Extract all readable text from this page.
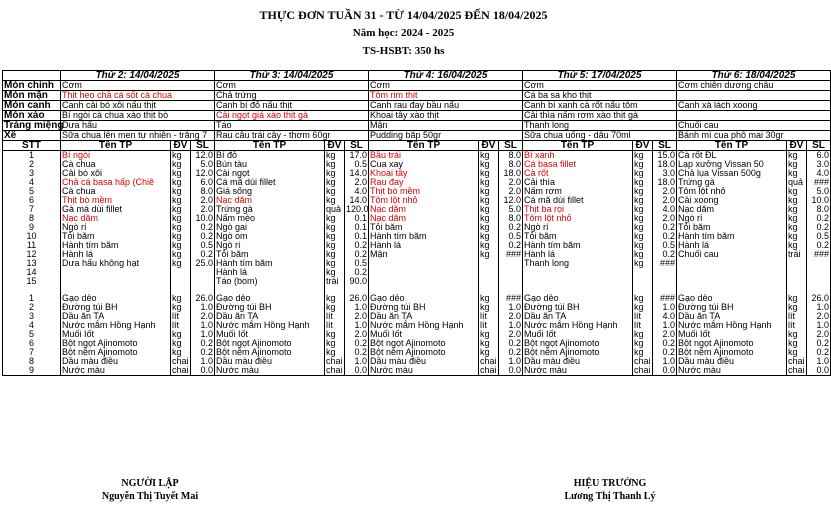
THỰC ĐƠN TUẦN 31 - TỪ 14/04/2025 ĐẾN 18/04/2025
Năm học: 2024 - 2025
TS-HSBT: 350 hs
	Thứ 2: 14/04/2025			Thứ 3: 14/04/2025			Thứ 4: 16/04/2025			Thứ 5: 17/04/2025			Thứ 6: 18/04/2025		
Món chính	Cơm			Cơm			Cơm			Cơm			Cơm chiên dương châu		
Món mặn	Thịt heo chả cá sốt cà chua			Chả trứng			Tôm rim thịt			Cá ba sa kho thịt					
Món canh	Canh cải bó xôi nấu thịt			Canh bí đỏ nấu thịt			Canh rau đay bầu nấu			Canh bí xanh cà rốt nấu tôm			Canh xà lách xoong		
Món xào	Bí ngòi cà chua xào thịt bò			Cải ngọt giá xào thịt gà			Khoai tây xào thịt			Cải thìa nấm rơm xào thịt gà					
Tráng miệng	Dưa hấu			Táo			Mận			Thanh long			Chuối cau		
Xế	Sữa chua lên men tự nhiên - trắng 7			Rau câu trái cây - thơm 60gr			Pudding bắp 50gr			Sữa chua uống - dâu 70ml			Bánh mì cua phô mai 30gr		
STT	Tên TP	ĐV	SL	Tên TP	ĐV	SL	Tên TP	ĐV	SL	Tên TP	ĐV	SL	Tên TP	ĐV	SL
1	Bí ngòi	kg	12.0	Bí đỏ	kg	17.0	Bầu trái	kg	8.0	Bí xanh	kg	15.0	Cà rốt ĐL	kg	6.0
2	Cà chua	kg	5.0	Bún tàu	kg	0.5	Cua xay	kg	8.0	Cá basa fillet	kg	18.0	Lạp xưởng Vissan 50	kg	3.0
3	Cải bó xôi	kg	12.0	Cải ngọt	kg	14.0	Khoai tây	kg	18.0	Cà rốt	kg	3.0	Chả lụa Vissan 500g	kg	4.0
4	Chả cá basa hấp (Chiê	kg	6.0	Cá mã dùi fillet	kg	2.0	Rau đay	kg	2.0	Cải thìa	kg	18.0	Trứng gà	quả	###
5	Cà chua	kg	8.0	Giá sống	kg	4.0	Thịt bò mềm	kg	2.0	Nấm rơm	kg	2.0	Tôm lột nhỏ	kg	5.0
6	Thịt bò mềm	kg	2.0	Nạc dăm	kg	14.0	Tôm lột nhỏ	kg	12.0	Cá mã dùi fillet	kg	2.0	Cải xoong	kg	10.0
7	Gà má dùi fillet	kg	2.0	Trứng gà	quả	120.0	Nạc dăm	kg	5.0	Thịt ba rọi	kg	4.0	Nạc dăm	kg	8.0
8	Nạc dăm	kg	10.0	Nấm mèo	kg	0.1	Nạc dăm	kg	8.0	Tôm lột nhỏ	kg	2.0	Ngò rí	kg	0.2
9	Ngò rí	kg	0.2	Ngò gai	kg	0.1	Tỏi băm	kg	0.2	Ngò rí	kg	0.2	Tỏi băm	kg	0.2
10	Tỏi băm	kg	0.2	Ngò om	kg	0.1	Hành tím băm	kg	0.5	Tỏi băm	kg	0.2	Hành tím băm	kg	0.5
11	Hành tím băm	kg	0.5	Ngò rí	kg	0.2	Hành lá	kg	0.2	Hành tím băm	kg	0.5	Hành lá	kg	0.2
12	Hành lá	kg	0.2	Tỏi băm	kg	0.2	Mận	kg	###	Hành lá	kg	0.2	Chuối cau	trái	###
13	Dưa hấu không hạt	kg	25.0	Hành tím băm	kg	0.5				Thanh long	kg	###			
14				Hành lá	kg	0.2									
15				Táo (bom)	trái	90.0									

1	Gạo dẻo	kg	26.0	Gạo dẻo	kg	26.0	Gạo dẻo	kg	###	Gạo dẻo	kg	###	Gạo dẻo	kg	26.0
2	Đường túi BH	kg	1.0	Đường túi BH	kg	1.0	Đường túi BH	kg	1.0	Đường túi BH	kg	1.0	Đường túi BH	kg	1.0
3	Dầu ăn TA	lít	2.0	Dầu ăn TA	lít	2.0	Dầu ăn TA	lít	2.0	Dầu ăn TA	lít	4.0	Dầu ăn TA	lít	2.0
4	Nước mắm Hồng Hạnh	lít	1.0	Nước mắm Hồng Hạnh	lít	1.0	Nước mắm Hồng Hạnh	lít	1.0	Nước mắm Hồng Hạnh	lít	1.0	Nước mắm Hồng Hạnh	lít	1.0
5	Muối Iốt	kg	1.0	Muối Iốt	kg	2.0	Muối Iốt	kg	2.0	Muối Iốt	kg	2.0	Muối Iốt	kg	2.0
6	Bột ngọt Ajinomoto	kg	0.2	Bột ngọt Ajinomoto	kg	0.2	Bột ngọt Ajinomoto	kg	0.2	Bột ngọt Ajinomoto	kg	0.2	Bột ngọt Ajinomoto	kg	0.2
7	Bột nêm Ajinomoto	kg	0.2	Bột nêm Ajinomoto	kg	0.2	Bột nêm Ajinomoto	kg	0.2	Bột nêm Ajinomoto	kg	0.2	Bột nêm Ajinomoto	kg	0.2
8	Dầu màu điều	chai	1.0	Dầu màu điều	chai	1.0	Dầu màu điều	chai	1.0	Dầu màu điều	chai	1.0	Dầu màu điều	chai	1.0
9	Nước màu	chai	0.0	Nước màu	chai	0.0	Nước màu	chai	0.0	Nước màu	chai	0.0	Nước màu	chai	0.0
NGƯỜI LẬP
Nguyễn Thị Tuyết Mai
HIỆU TRƯỞNG
Lương Thị Thanh Lý
